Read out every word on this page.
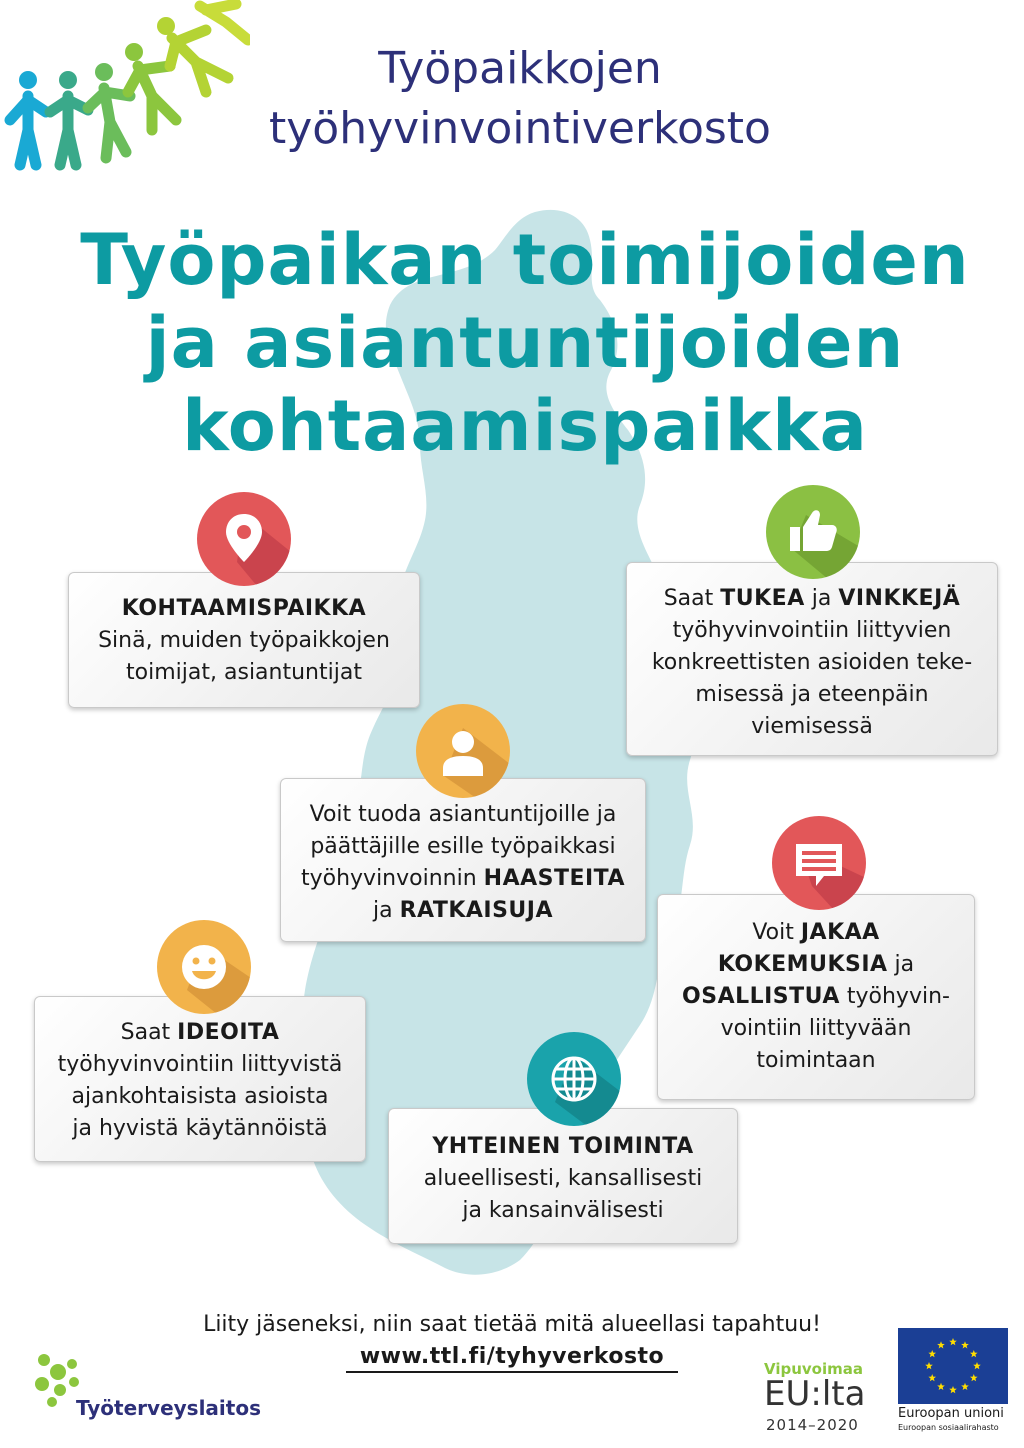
Työpaikkojen
työhyvinvointiverkosto
Työpaikan toimijoiden
ja asiantuntijoiden
kohtaamispaikka
KOHTAAMISPAIKKA
Sinä, muiden työpaikkojen
toimijat, asiantuntijat
Saat TUKEA ja VINKKEJÄ
työhyvinvointiin liittyvien
konkreettisten asioiden teke-
misessä ja eteenpäin
viemisessä
Voit tuoda asiantuntijoille ja
päättäjille esille työpaikkasi
työhyvinvoinnin HAASTEITA
ja RATKAISUJA
Voit JAKAA
KOKEMUKSIA ja
OSALLISTUA työhyvin-
vointiin liittyvään
toimintaan
Saat IDEOITA
työhyvinvointiin liittyvistä
ajankohtaisista asioista
ja hyvistä käytännöistä
YHTEINEN TOIMINTA
alueellisesti, kansallisesti
ja kansainvälisesti
Liity jäseneksi, niin saat tietää mitä alueellasi tapahtuu!
www.ttl.fi/tyhyverkosto
Työterveyslaitos
Vipuvoimaa
EU:lta
2014–2020
Euroopan unioni
Euroopan sosiaalirahasto
